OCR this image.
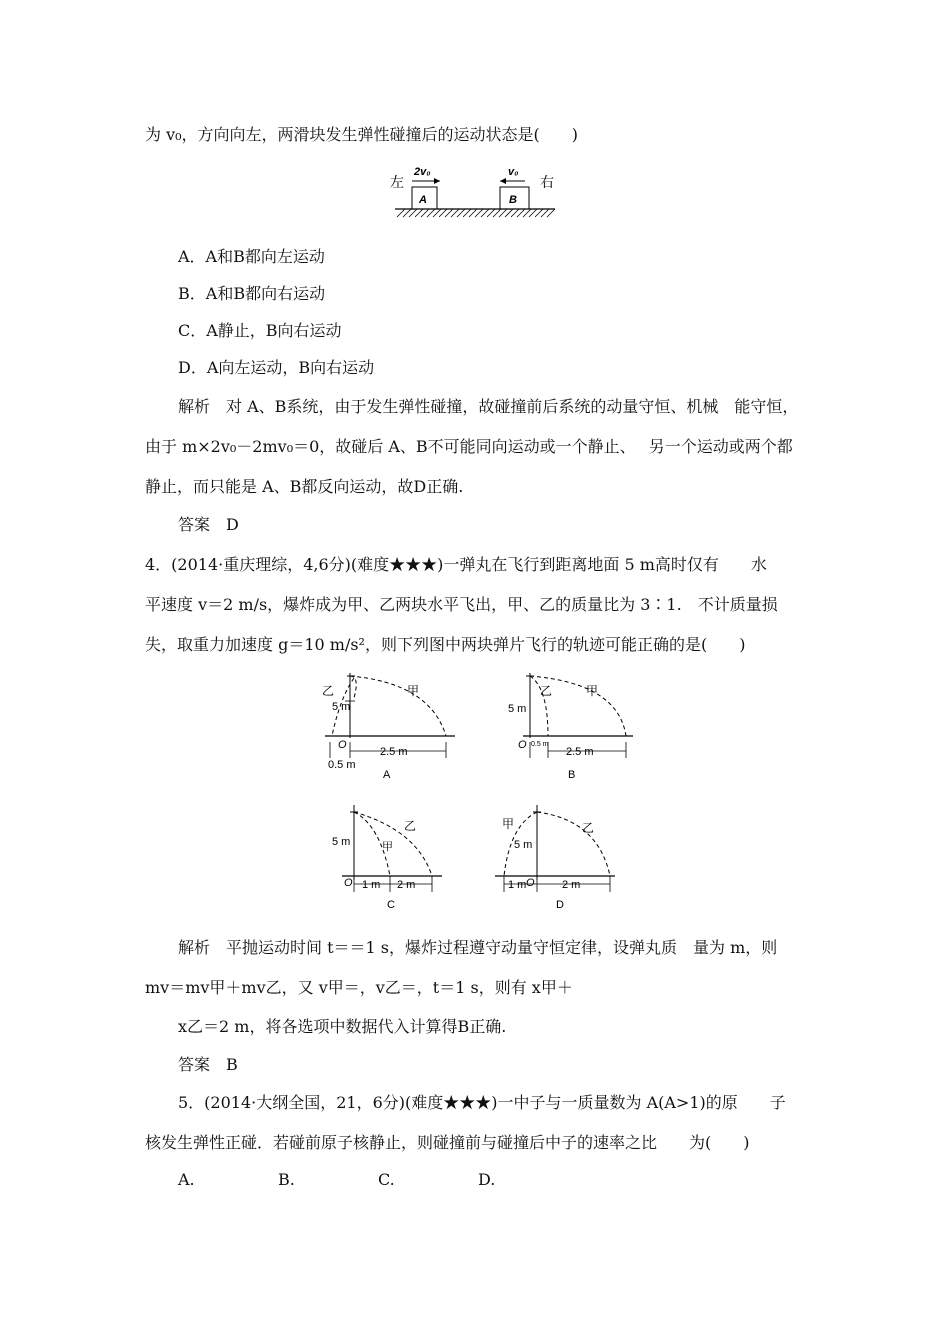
为 v₀，方向向左，两滑块发生弹性碰撞后的运动状态是(　　)
左	右
2v₀	v₀
A	B
A．A和B都向左运动
B．A和B都向右运动
C．A静止，B向右运动
D．A向左运动，B向右运动
解析　对 A、B系统，由于发生弹性碰撞，故碰撞前后系统的动量守恒、机械　能守恒，
由于 m×2v₀－2mv₀＝0，故碰后 A、B不可能同向运动或一个静止、　 另一个运动或两个都
静止，而只能是 A、B都反向运动，故D正确.
答案　D
4．(2014·重庆理综，4,6分)(难度★★★)一弹丸在飞行到距离地面 5 m高时仅有　　水
平速度 v＝2 m/s，爆炸成为甲、乙两块水平飞出，甲、乙的质量比为 3∶1.　不计质量损
失，取重力加速度 g＝10 m/s²，则下列图中两块弹片飞行的轨迹可能正确的是(　　)
乙	甲
5 m
O
2.5 m
0.5 m
A
乙	甲
5 m
O 0.5 m
2.5 m
B
甲
乙
5 m
O 1 m 2 m
C
甲	乙
5 m
O
1 m	2 m
D
解析　平抛运动时间 t＝＝1 s，爆炸过程遵守动量守恒定律，设弹丸质　量为 m，则
mv＝mv甲＋mv乙，又 v甲＝，v乙＝，t＝1 s，则有 x甲＋
x乙＝2 m，将各选项中数据代入计算得B正确.
答案　B
5．(2014·大纲全国，21，6分)(难度★★★)一中子与一质量数为 A(A>1)的原　　子
核发生弹性正碰．若碰前原子核静止，则碰撞前与碰撞后中子的速率之比　　为(　　)
A.	B.	C.	D.
